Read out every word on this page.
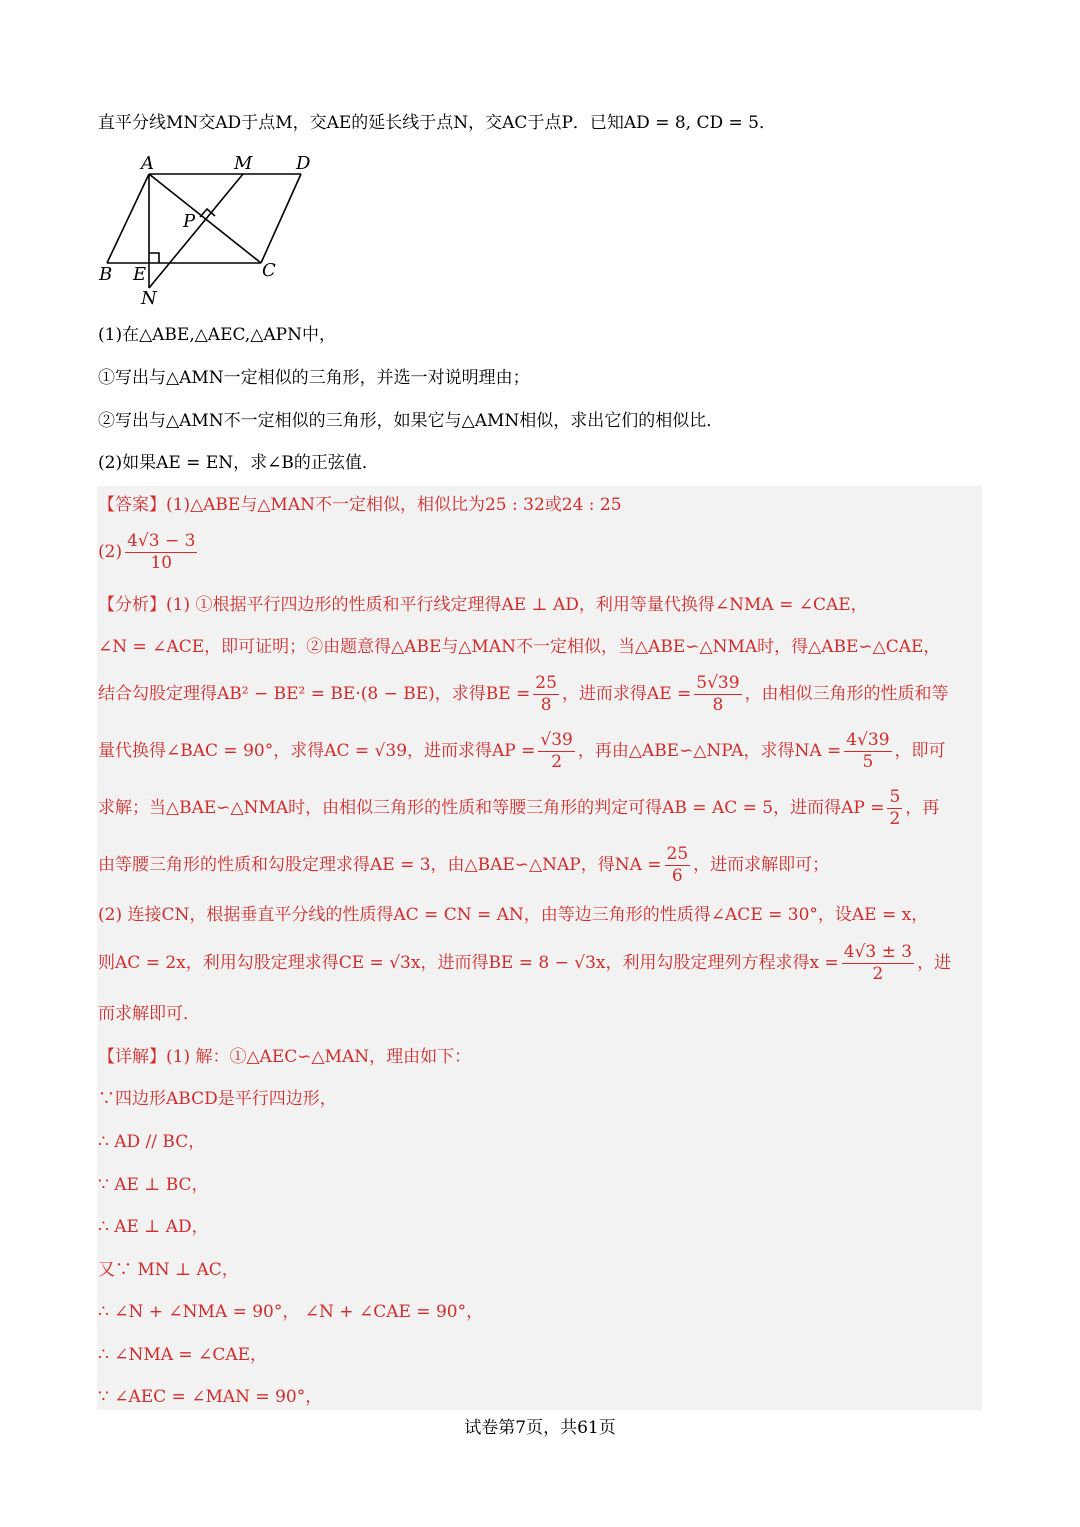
直平分线MN交AD于点M，交AE的延长线于点N，交AC于点P．已知AD = 8, CD = 5．
A	M D
P
B E	C
N
(1)在△ABE,△AEC,△APN中，
①写出与△AMN一定相似的三角形，并选一对说明理由；
②写出与△AMN不一定相似的三角形，如果它与△AMN相似，求出它们的相似比．
(2)如果AE = EN，求∠B的正弦值．
【答案】(1)△ABE与△MAN不一定相似，相似比为25 : 32或24 : 25
$(2) \frac{4√3 - 3}{10}$
【分析】(1) ①根据平行四边形的性质和平行线定理得AE ⊥ AD，利用等量代换得∠NMA = ∠CAE，
∠N = ∠ACE，即可证明；②由题意得△ABE与△MAN不一定相似，当△ABE∽△NMA时，得△ABE∽△CAE，
结合勾股定理得AB² − BE² = BE·(8 − BE)，求得BE = $\frac{25}{8}$ ，进而求得AE = $\frac{5√39}{8}$ ，由相似三角形的性质和等
量代换得∠BAC = 90°，求得AC = √39，进而求得AP = $\frac{√39}{2}$ ，再由△ABE∽△NPA，求得NA = $\frac{4√39}{5}$ ，即可
求解；当△BAE∽△NMA时，由相似三角形的性质和等腰三角形的判定可得AB = AC = 5，进而得AP = $\frac{5}{2}$ ，再
由等腰三角形的性质和勾股定理求得AE = 3，由△BAE∽△NAP，得NA = $\frac{25}{6}$ ，进而求解即可；
(2) 连接CN，根据垂直平分线的性质得AC = CN = AN，由等边三角形的性质得∠ACE = 30°，设AE = x，
则AC = 2x，利用勾股定理求得CE = √3x，进而得BE = 8 − √3x，利用勾股定理列方程求得$x = \frac{4√3 \pm 3}{2}$ ，进
而求解即可．
【详解】(1) 解：①△AEC∽△MAN，理由如下：
∵四边形ABCD是平行四边形，
∴ AD // BC，
∵ AE ⊥ BC，
∴ AE ⊥ AD，
又∵ MN ⊥ AC，
∴ ∠N + ∠NMA = 90°， ∠N + ∠CAE = 90°，
∴ ∠NMA = ∠CAE，
∵ ∠AEC = ∠MAN = 90°，
试卷第7页，共61页
